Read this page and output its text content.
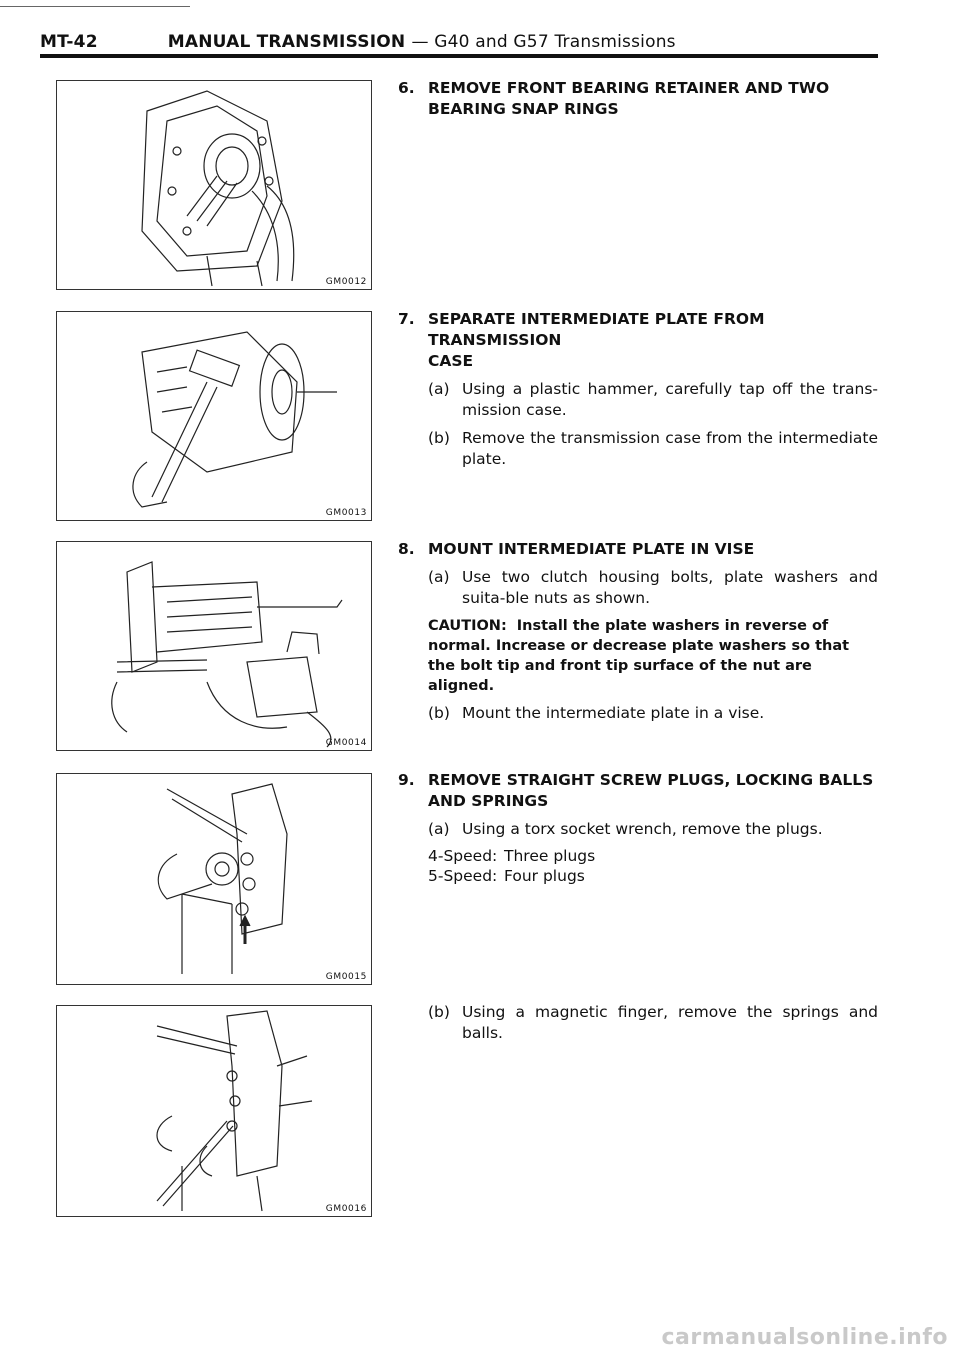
MT-42	MANUAL TRANSMISSION — G40 and G57 Transmissions
GM0012
GM0013
GM0014
GM0015
GM0016
6. REMOVE FRONT BEARING RETAINER AND TWO
BEARING SNAP RINGS
7. SEPARATE INTERMEDIATE PLATE FROM TRANSMISSION
CASE
(a) Using a plastic hammer, carefully tap off the trans-mission case.
(b) Remove the transmission case from the intermediate plate.
8. MOUNT INTERMEDIATE PLATE IN VISE
(a) Use two clutch housing bolts, plate washers and suita-ble nuts as shown.
CAUTION: Install the plate washers in reverse of normal. Increase or decrease plate washers so that the bolt tip and front tip surface of the nut are aligned.
(b) Mount the intermediate plate in a vise.
9. REMOVE STRAIGHT SCREW PLUGS, LOCKING BALLS
AND SPRINGS
(a) Using a torx socket wrench, remove the plugs.
4-Speed: Three plugs
5-Speed: Four plugs
(b) Using a magnetic finger, remove the springs and balls.
carmanualsonline.info
